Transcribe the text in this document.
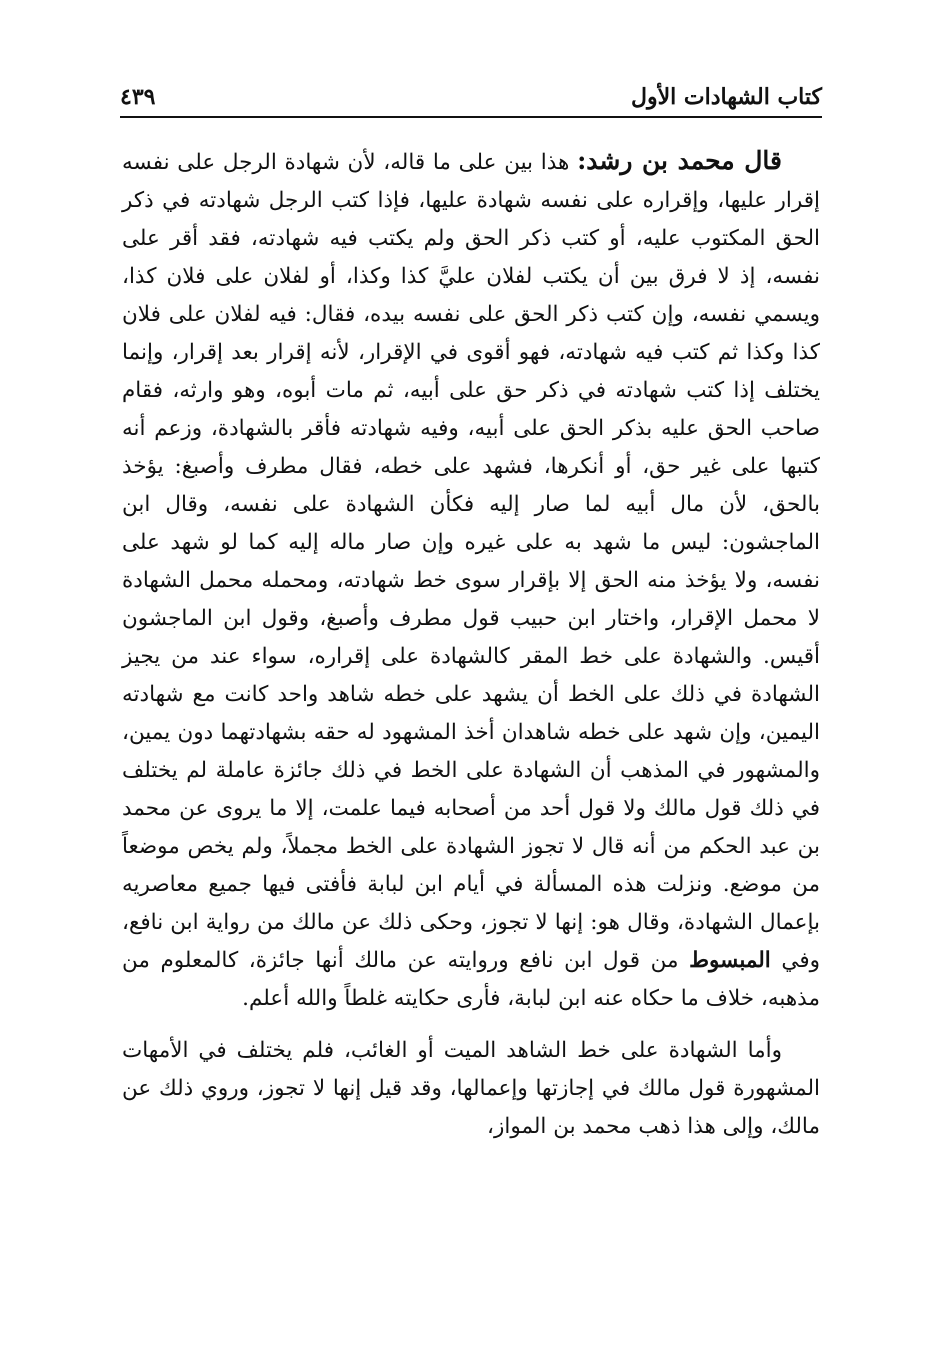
كتاب الشهادات الأول
٤٣٩

قال محمد بن رشد: هذا بين على ما قاله، لأن شهادة الرجل على نفسه إقرار عليها، وإقراره على نفسه شهادة عليها، فإذا كتب الرجل شهادته في ذكر الحق المكتوب عليه، أو كتب ذكر الحق ولم يكتب فيه شهادته، فقد أقر على نفسه، إذ لا فرق بين أن يكتب لفلان عليَّ كذا وكذا، أو لفلان على فلان كذا، ويسمي نفسه، وإن كتب ذكر الحق على نفسه بيده، فقال: فيه لفلان على فلان كذا وكذا ثم كتب فيه شهادته، فهو أقوى في الإقرار، لأنه إقرار بعد إقرار، وإنما يختلف إذا كتب شهادته في ذكر حق على أبيه، ثم مات أبوه، وهو وارثه، فقام صاحب الحق عليه بذكر الحق على أبيه، وفيه شهادته فأقر بالشهادة، وزعم أنه كتبها على غير حق، أو أنكرها، فشهد على خطه، فقال مطرف وأصبغ: يؤخذ بالحق، لأن مال أبيه لما صار إليه فكأن الشهادة على نفسه، وقال ابن الماجشون: ليس ما شهد به على غيره وإن صار ماله إليه كما لو شهد على نفسه، ولا يؤخذ منه الحق إلا بإقرار سوى خط شهادته، ومحمله محمل الشهادة لا محمل الإقرار، واختار ابن حبيب قول مطرف وأصبغ، وقول ابن الماجشون أقيس. والشهادة على خط المقر كالشهادة على إقراره، سواء عند من يجيز الشهادة في ذلك على الخط أن يشهد على خطه شاهد واحد كانت مع شهادته اليمين، وإن شهد على خطه شاهدان أخذ المشهود له حقه بشهادتهما دون يمين، والمشهور في المذهب أن الشهادة على الخط في ذلك جائزة عاملة لم يختلف في ذلك قول مالك ولا قول أحد من أصحابه فيما علمت، إلا ما يروى عن محمد بن عبد الحكم من أنه قال لا تجوز الشهادة على الخط مجملاً، ولم يخص موضعاً من موضع. ونزلت هذه المسألة في أيام ابن لبابة فأفتى فيها جميع معاصريه بإعمال الشهادة، وقال هو: إنها لا تجوز، وحكى ذلك عن مالك من رواية ابن نافع، وفي المبسوط من قول ابن نافع وروايته عن مالك أنها جائزة، كالمعلوم من مذهبه، خلاف ما حكاه عنه ابن لبابة، فأرى حكايته غلطاً والله أعلم.

وأما الشهادة على خط الشاهد الميت أو الغائب، فلم يختلف في الأمهات المشهورة قول مالك في إجازتها وإعمالها، وقد قيل إنها لا تجوز، وروي ذلك عن مالك، وإلى هذا ذهب محمد بن المواز،
